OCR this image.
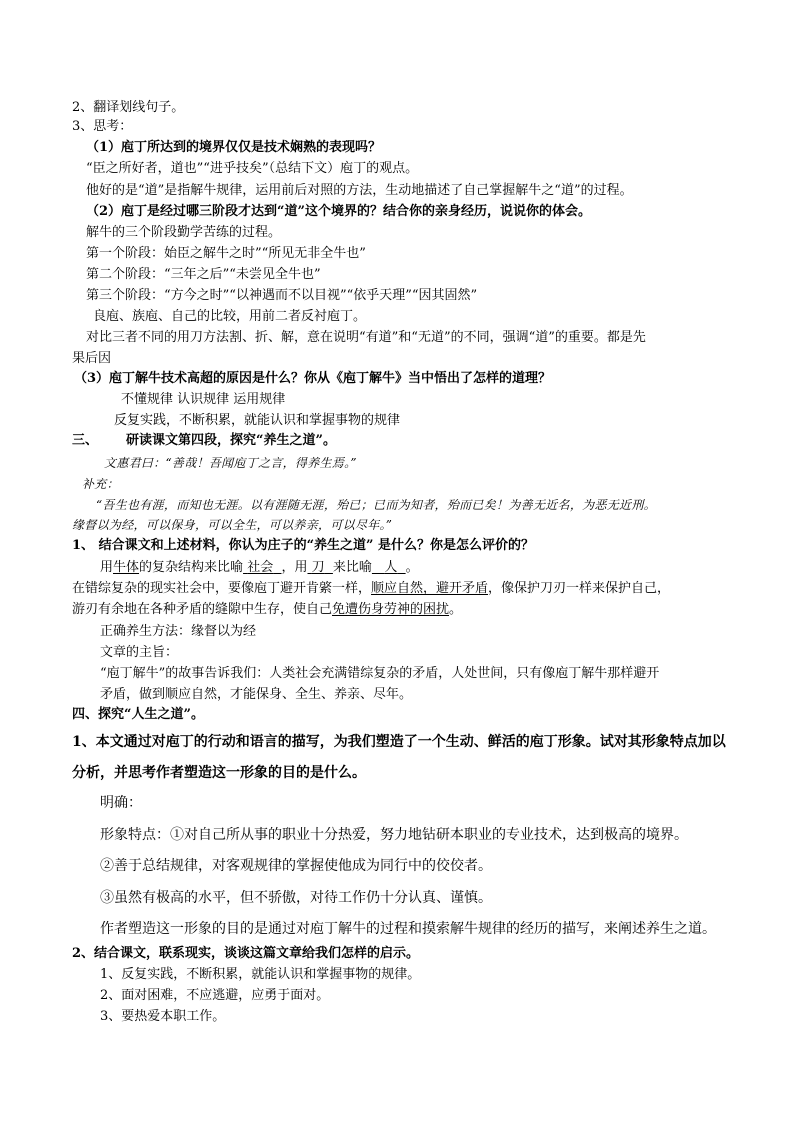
2、翻译划线句子。
3、思考：
（1）庖丁所达到的境界仅仅是技术娴熟的表现吗？
“臣之所好者，道也”“进乎技矣”（总结下文）庖丁的观点。
他好的是“道”是指解牛规律，运用前后对照的方法，生动地描述了自己掌握解牛之“道”的过程。
（2）庖丁是经过哪三阶段才达到“道”这个境界的？结合你的亲身经历，说说你的体会。
解牛的三个阶段勤学苦练的过程。
第一个阶段：始臣之解牛之时”“所见无非全牛也”
第二个阶段：“三年之后”“未尝见全牛也”
第三个阶段：“方今之时”“以神遇而不以目视”“依乎天理”“因其固然”
良庖、族庖、自己的比较，用前二者反衬庖丁。
对比三者不同的用刀方法割、折、解，意在说明“有道”和“无道”的不同，强调“道”的重要。都是先
果后因
（3）庖丁解牛技术高超的原因是什么？你从《庖丁解牛》当中悟出了怎样的道理？
不懂规律 认识规律 运用规律
反复实践，不断积累，就能认识和掌握事物的规律
三、 研读课文第四段，探究“养生之道”。
文惠君曰：“善哉！吾闻庖丁之言，得养生焉。”
补充：
“吾生也有涯，而知也无涯。以有涯随无涯，殆已；已而为知者，殆而已矣！为善无近名，为恶无近刑。
缘督以为经，可以保身，可以全生，可以养亲，可以尽年。”
1、 结合课文和上述材料，你认为庄子的“养生之道” 是什么？你是怎么评价的？
用牛体的复杂结构来比喻 社会 ，用 刀 来比喻 人 。
在错综复杂的现实社会中，要像庖丁避开肯綮一样，顺应自然，避开矛盾，像保护刀刃一样来保护自己，
游刃有余地在各种矛盾的缝隙中生存，使自己免遭伤身劳神的困扰。
正确养生方法：缘督以为经
文章的主旨：
“庖丁解牛”的故事告诉我们：人类社会充满错综复杂的矛盾，人处世间，只有像庖丁解牛那样避开
矛盾，做到顺应自然，才能保身、全生、养亲、尽年。
四、探究“人生之道”。
1、本文通过对庖丁的行动和语言的描写，为我们塑造了一个生动、鲜活的庖丁形象。试对其形象特点加以
分析，并思考作者塑造这一形象的目的是什么。
明确：
形象特点：①对自己所从事的职业十分热爱，努力地钻研本职业的专业技术，达到极高的境界。
②善于总结规律，对客观规律的掌握使他成为同行中的佼佼者。
③虽然有极高的水平，但不骄傲，对待工作仍十分认真、谨慎。
作者塑造这一形象的目的是通过对庖丁解牛的过程和摸索解牛规律的经历的描写，来阐述养生之道。
2、结合课文，联系现实，谈谈这篇文章给我们怎样的启示。
1、反复实践，不断积累，就能认识和掌握事物的规律。
2、面对困难，不应逃避，应勇于面对。
3、要热爱本职工作。
